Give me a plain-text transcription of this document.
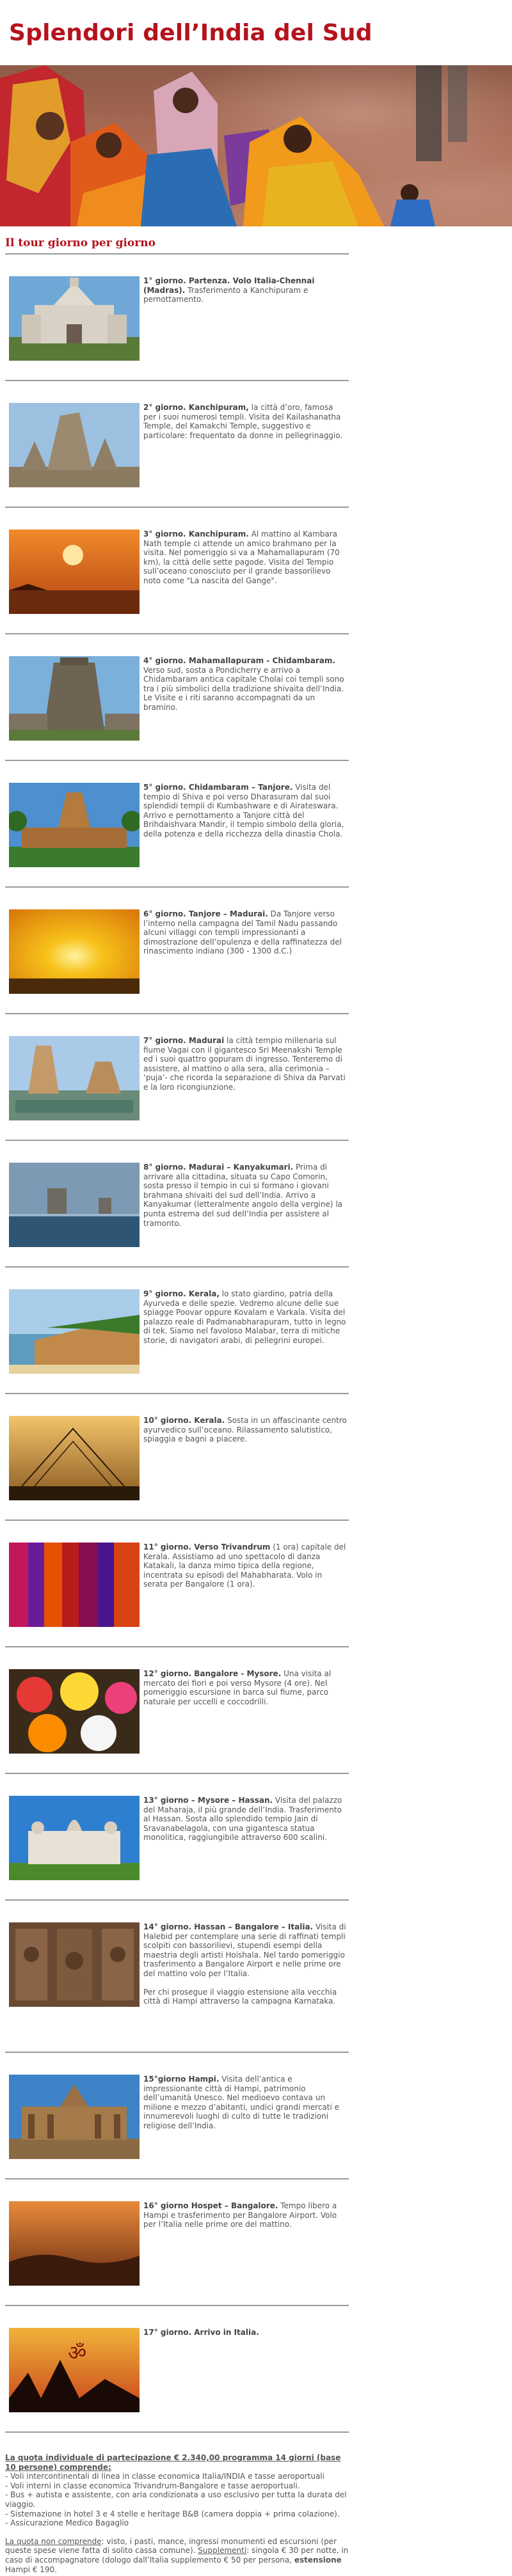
Splendori dell’India del Sud
Il tour giorno per giorno
1° giorno. Partenza. Volo Italia-Chennai (Madras). Trasferimento a Kanchipuram e pernottamento.
2° giorno. Kanchipuram, la città d’oro, famosa per i suoi numerosi templi. Visita del Kailashanatha Temple, del Kamakchi Temple, suggestivo e particolare: frequentato da donne in pellegrinaggio.
3° giorno. Kanchipuram. Al mattino al Kambara Nath temple ci attende un amico brahmano per la visita. Nel pomeriggio si va a Mahamallapuram (70 km), la città delle sette pagode. Visita del Tempio sull’oceano conosciuto per il grande bassorilievo noto come "La nascita del Gange".
4° giorno. Mahamallapuram - Chidambaram. Verso sud, sosta a Pondicherry e arrivo a Chidambaram antica capitale Cholai coi templi sono tra i più simbolici della tradizione shivaita dell’India. Le Visite e i riti saranno accompagnati da un bramino.
5° giorno. Chidambaram – Tanjore. Visita del tempio di Shiva e poi verso Dharasuram dal suoi splendidi templi di Kumbashware e di Airateswara. Arrivo e pernottamento a Tanjore città del Brihdaishvara Mandir, il tempio simbolo della gloria, della potenza e della ricchezza della dinastia Chola.
6° giorno. Tanjore – Madurai. Da Tanjore verso l’interno nella campagna del Tamil Nadu passando alcuni villaggi con templi impressionanti a dimostrazione dell’opulenza e della raffinatezza del rinascimento indiano (300 - 1300 d.C.)
7° giorno. Madurai la città tempio millenaria sul fiume Vagai con il gigantesco Sri Meenakshi Temple ed i suoi quattro gopuram di ingresso. Tenteremo di assistere, al mattino o alla sera, alla cerimonia – ‘puja’- che ricorda la separazione di Shiva da Parvati e la loro ricongiunzione.
8° giorno. Madurai – Kanyakumari. Prima di arrivare alla cittadina, situata su Capo Comorin, sosta presso il tempio in cui si formano i giovani brahmana shivaiti del sud dell’India. Arrivo a Kanyakumar (letteralmente angolo della vergine) la punta estrema del sud dell’India per assistere al tramonto.
9° giorno. Kerala, lo stato giardino, patria della Ayurveda e delle spezie. Vedremo alcune delle sue spiagge Poovar oppure Kovalam e Varkala. Visita del palazzo reale di Padmanabharapuram, tutto in legno di tek. Siamo nel favoloso Malabar, terra di mitiche storie, di navigatori arabi, di pellegrini europei.
10° giorno. Kerala. Sosta in un affascinante centro ayurvedico sull’oceano. Rilassamento salutistico, spiaggia e bagni a piacere.
11° giorno. Verso Trivandrum (1 ora) capitale del Kerala. Assistiamo ad uno spettacolo di danza Katakali, la danza mimo tipica della regione, incentrata su episodi del Mahabharata. Volo in serata per Bangalore (1 ora).
12° giorno. Bangalore - Mysore. Una visita al mercato dei fiori e poi verso Mysore (4 ore). Nel pomeriggio escursione in barca sul fiume, parco naturale per uccelli e coccodrilli.
13° giorno – Mysore – Hassan. Visita del palazzo del Maharaja, il più grande dell’India. Trasferimento al Hassan. Sosta allo splendido tempio Jain di Sravanabelagola, con una gigantesca statua monolitica, raggiungibile attraverso 600 scalini.
14° giorno. Hassan – Bangalore – Italia. Visita di Halebid per contemplare una serie di raffinati templi scolpiti con bassorilievi, stupendi esempi della maestria degli artisti Hoishala. Nel tardo pomeriggio trasferimento a Bangalore Airport e nelle prime ore del mattino volo per l’Italia.
Per chi prosegue il viaggio estensione alla vecchia città di Hampi attraverso la campagna Karnataka.
15°giorno Hampi. Visita dell’antica e impressionante città di Hampi, patrimonio dell’umanità Unesco. Nel medioevo contava un milione e mezzo d’abitanti, undici grandi mercati e innumerevoli luoghi di culto di tutte le tradizioni religiose dell’India.
16° giorno Hospet – Bangalore. Tempo libero a Hampi e trasferimento per Bangalore Airport. Volo per l’Italia nelle prime ore del mattino.
ॐ
17° giorno. Arrivo in Italia.

La quota individuale di partecipazione € 2.340,00 programma 14 giorni (base 10 persone) comprende:

- Voli intercontinentali di linea in classe economica Italia/INDIA e tasse aeroportuali

- Voli interni in classe economica Trivandrum-Bangalore e tasse aeroportuali.

- Bus + autista e assistente, con aria condizionata a uso esclusivo per tutta la durata del viaggio.

- Sistemazione in hotel 3 e 4 stelle e heritage B&B (camera doppia + prima colazione).

- Assicurazione Medico Bagaglio

La quota non comprende: visto, i pasti, mance, ingressi monumenti ed escursioni (per queste spese viene fatta di solito cassa comune). Supplementi: singola € 30 per notte, in caso di accompagnatore (dologo dall’Italia supplemento € 50 per persona, estensione Hampi € 190.
